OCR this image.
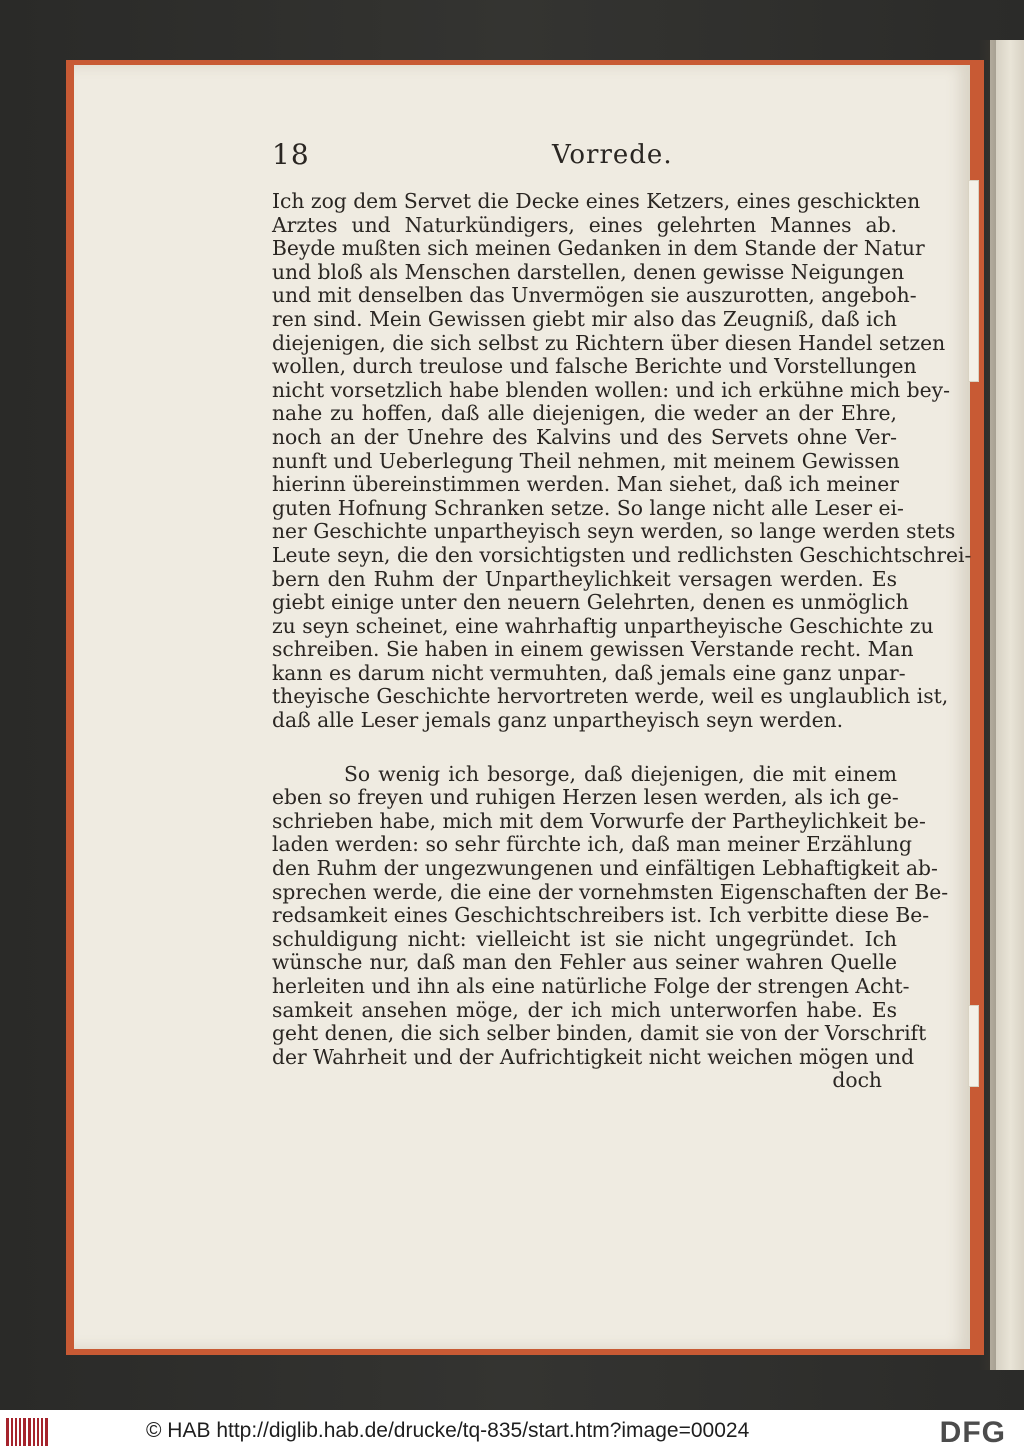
18	Vorrede.
Ich zog dem Servet die Decke eines Ketzers, eines geschickten
Arztes und Naturkündigers, eines gelehrten Mannes ab.
Beyde mußten sich meinen Gedanken in dem Stande der Natur
und bloß als Menschen darstellen, denen gewisse Neigungen
und mit denselben das Unvermögen sie auszurotten, angeboh-
ren sind. Mein Gewissen giebt mir also das Zeugniß, daß ich
diejenigen, die sich selbst zu Richtern über diesen Handel setzen
wollen, durch treulose und falsche Berichte und Vorstellungen
nicht vorsetzlich habe blenden wollen: und ich erkühne mich bey-
nahe zu hoffen, daß alle diejenigen, die weder an der Ehre,
noch an der Unehre des Kalvins und des Servets ohne Ver-
nunft und Ueberlegung Theil nehmen, mit meinem Gewissen
hierinn übereinstimmen werden. Man siehet, daß ich meiner
guten Hofnung Schranken setze. So lange nicht alle Leser ei-
ner Geschichte unpartheyisch seyn werden, so lange werden stets
Leute seyn, die den vorsichtigsten und redlichsten Geschichtschrei-
bern den Ruhm der Unpartheylichkeit versagen werden. Es
giebt einige unter den neuern Gelehrten, denen es unmöglich
zu seyn scheinet, eine wahrhaftig unpartheyische Geschichte zu
schreiben. Sie haben in einem gewissen Verstande recht. Man
kann es darum nicht vermuhten, daß jemals eine ganz unpar-
theyische Geschichte hervortreten werde, weil es unglaublich ist,
daß alle Leser jemals ganz unpartheyisch seyn werden.
So wenig ich besorge, daß diejenigen, die mit einem
eben so freyen und ruhigen Herzen lesen werden, als ich ge-
schrieben habe, mich mit dem Vorwurfe der Partheylichkeit be-
laden werden: so sehr fürchte ich, daß man meiner Erzählung
den Ruhm der ungezwungenen und einfältigen Lebhaftigkeit ab-
sprechen werde, die eine der vornehmsten Eigenschaften der Be-
redsamkeit eines Geschichtschreibers ist. Ich verbitte diese Be-
schuldigung nicht: vielleicht ist sie nicht ungegründet. Ich
wünsche nur, daß man den Fehler aus seiner wahren Quelle
herleiten und ihn als eine natürliche Folge der strengen Acht-
samkeit ansehen möge, der ich mich unterworfen habe. Es
geht denen, die sich selber binden, damit sie von der Vorschrift
der Wahrheit und der Aufrichtigkeit nicht weichen mögen und
doch
© HAB http://diglib.hab.de/drucke/tq-835/start.htm?image=00024	DFG
